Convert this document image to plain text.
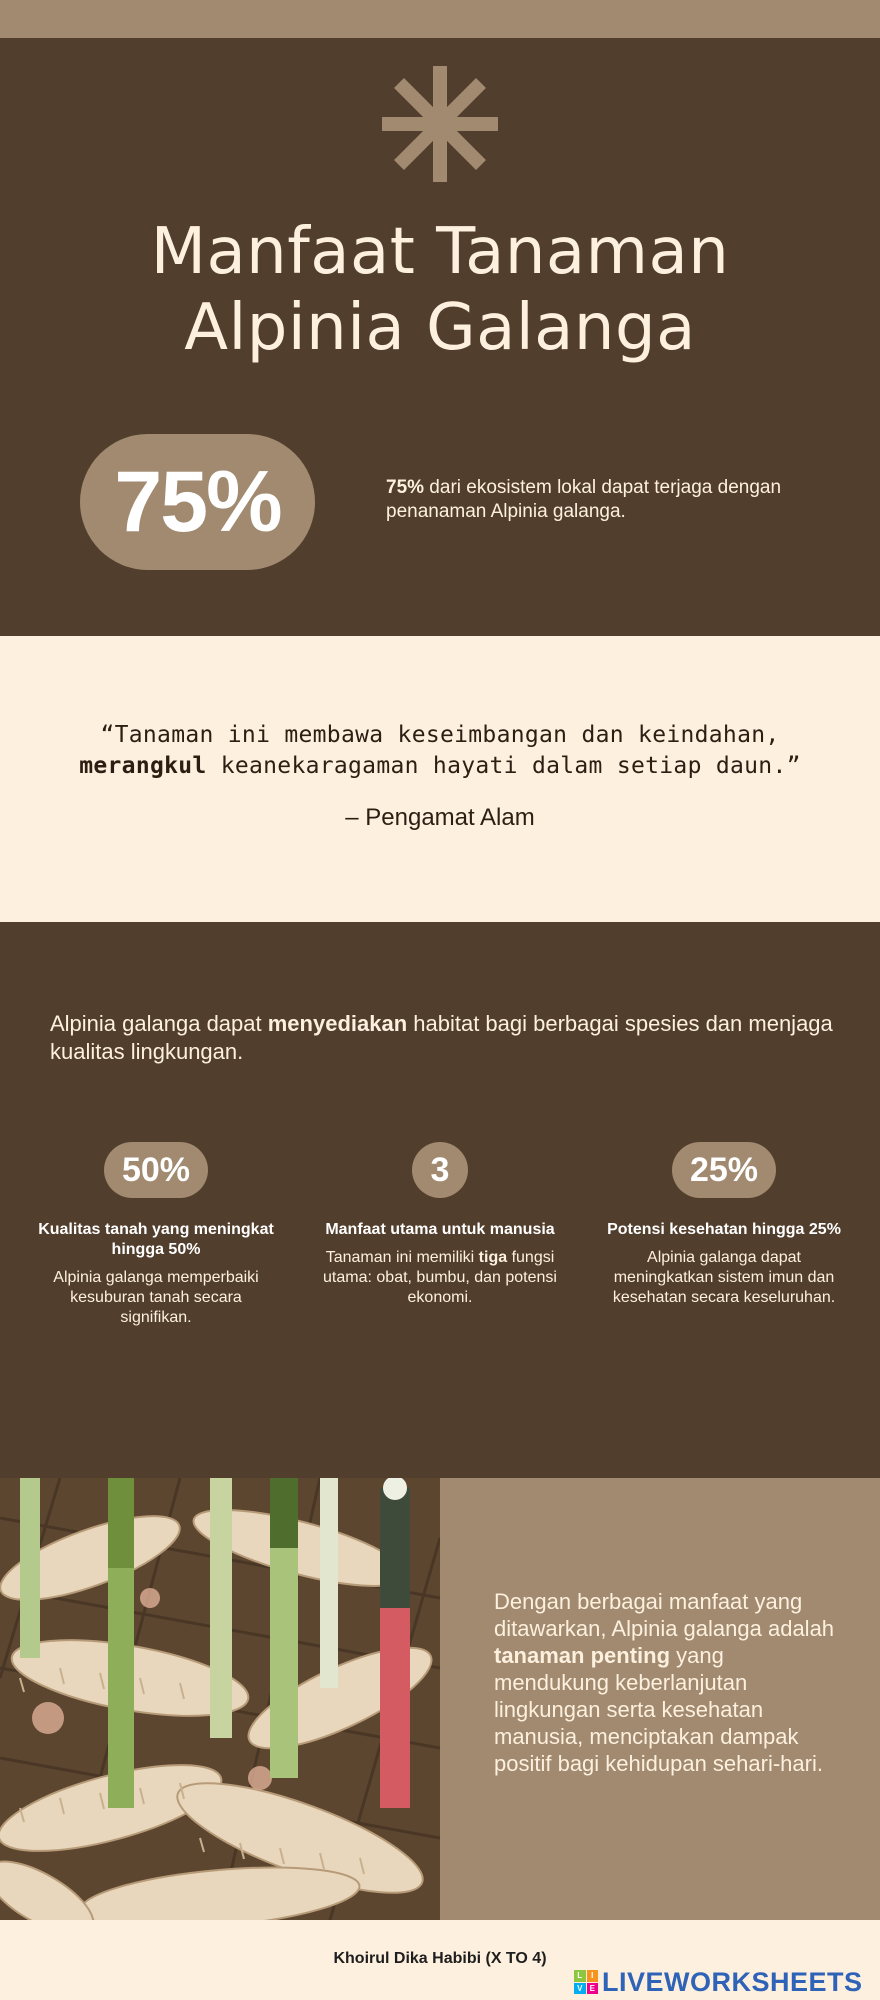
Manfaat Tanaman
Alpinia Galanga
75%	75% dari ekosistem lokal dapat terjaga dengan penanaman Alpinia galanga.

“Tanaman ini membawa keseimbangan dan keindahan,
merangkul keanekaragaman hayati dalam setiap daun.”

– Pengamat Alam

Alpinia galanga dapat menyediakan habitat bagi berbagai spesies dan menjaga kualitas lingkungan.

50%
Kualitas tanah yang meningkat hingga 50%
Alpinia galanga memperbaiki kesuburan tanah secara signifikan.
3
Manfaat utama untuk manusia
Tanaman ini memiliki tiga fungsi utama: obat, bumbu, dan potensi ekonomi.
25%
Potensi kesehatan hingga 25%
Alpinia galanga dapat meningkatkan sistem imun dan kesehatan secara keseluruhan.

Dengan berbagai manfaat yang ditawarkan, Alpinia galanga adalah tanaman penting yang mendukung keberlanjutan lingkungan serta kesehatan manusia, menciptakan dampak positif bagi kehidupan sehari-hari.

Khoirul Dika Habibi (X TO 4)
L	I
V E LIVEWORKSHEETS
